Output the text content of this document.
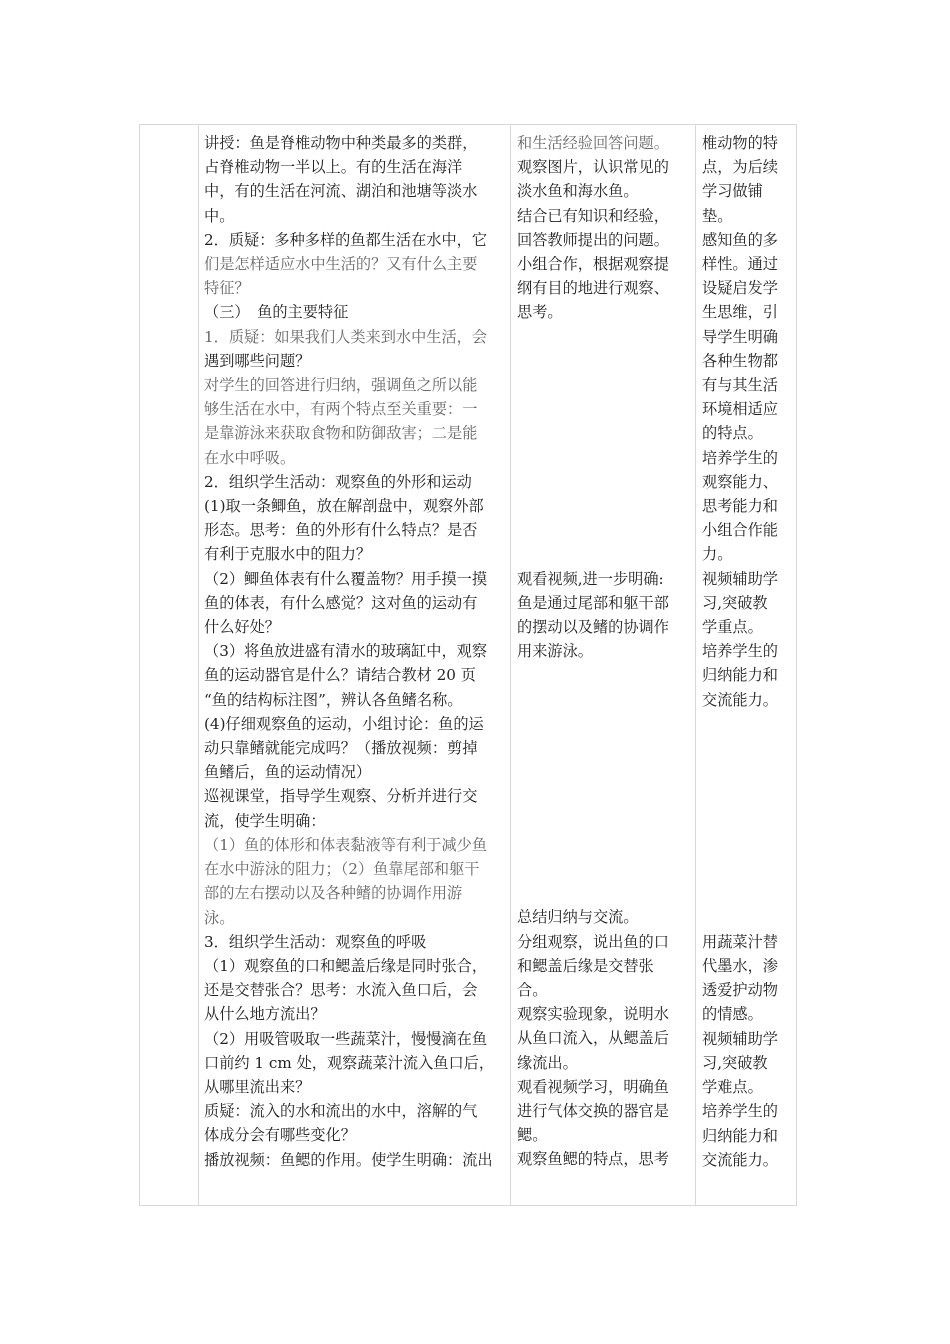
讲授：鱼是脊椎动物中种类最多的类群，

占脊椎动物一半以上。有的生活在海洋

中，有的生活在河流、湖泊和池塘等淡水

中。

2．质疑：多种多样的鱼都生活在水中，它

们是怎样适应水中生活的？又有什么主要

特征？

（三）　鱼的主要特征

1．质疑：如果我们人类来到水中生活，会

遇到哪些问题？

对学生的回答进行归纳，强调鱼之所以能

够生活在水中，有两个特点至关重要：一

是靠游泳来获取食物和防御敌害；二是能

在水中呼吸。

2．组织学生活动：观察鱼的外形和运动

(1)取一条鲫鱼，放在解剖盘中，观察外部

形态。思考：鱼的外形有什么特点？是否

有利于克服水中的阻力？

（2）鲫鱼体表有什么覆盖物？用手摸一摸

鱼的体表，有什么感觉？这对鱼的运动有

什么好处？

（3）将鱼放进盛有清水的玻璃缸中，观察

鱼的运动器官是什么？请结合教材 20 页

“鱼的结构标注图”，辨认各鱼鳍名称。

(4)仔细观察鱼的运动，小组讨论：鱼的运

动只靠鳍就能完成吗？（播放视频：剪掉

鱼鳍后，鱼的运动情况）

巡视课堂，指导学生观察、分析并进行交

流，使学生明确：

（1）鱼的体形和体表黏液等有利于减少鱼

在水中游泳的阻力；（2）鱼靠尾部和躯干

部的左右摆动以及各种鳍的协调作用游

泳。

3．组织学生活动：观察鱼的呼吸

（1）观察鱼的口和鳃盖后缘是同时张合，

还是交替张合？思考：水流入鱼口后，会

从什么地方流出？

（2）用吸管吸取一些蔬菜汁，慢慢滴在鱼

口前约 1 cm 处，观察蔬菜汁流入鱼口后，

从哪里流出来？

质疑：流入的水和流出的水中，溶解的气

体成分会有哪些变化？

播放视频：鱼鳃的作用。使学生明确：流出

和生活经验回答问题。

观察图片，认识常见的

淡水鱼和海水鱼。

结合已有知识和经验，

回答教师提出的问题。

小组合作，根据观察提

纲有目的地进行观察、

思考。

观看视频,进一步明确:

鱼是通过尾部和躯干部

的摆动以及鳍的协调作

用来游泳。

总结归纳与交流。

分组观察，说出鱼的口

和鳃盖后缘是交替张

合。

观察实验现象，说明水

从鱼口流入，从鳃盖后

缘流出。

观看视频学习，明确鱼

进行气体交换的器官是

鳃。

观察鱼鳃的特点，思考

椎动物的特

点，为后续

学习做铺

垫。

感知鱼的多

样性。通过

设疑启发学

生思维，引

导学生明确

各种生物都

有与其生活

环境相适应

的特点。

培养学生的

观察能力、

思考能力和

小组合作能

力。

视频辅助学

习,突破教

学重点。

培养学生的

归纳能力和

交流能力。

用蔬菜汁替

代墨水，渗

透爱护动物

的情感。

视频辅助学

习,突破教

学难点。

培养学生的

归纳能力和

交流能力。
